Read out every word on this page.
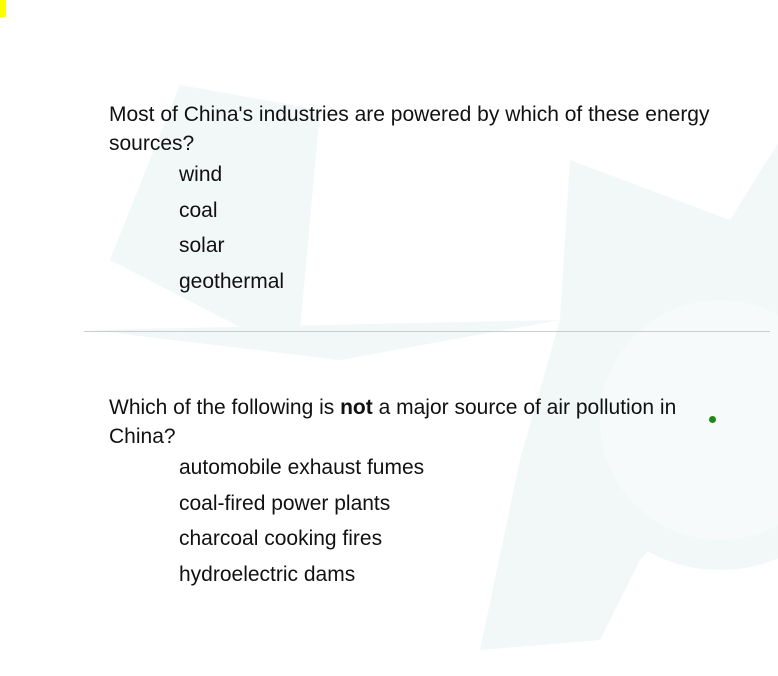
Most of China's industries are powered by which of these energy sources?

wind
coal
solar
geothermal

Which of the following is not a major source of air pollution in China?

automobile exhaust fumes
coal-fired power plants
charcoal cooking fires
hydroelectric dams
